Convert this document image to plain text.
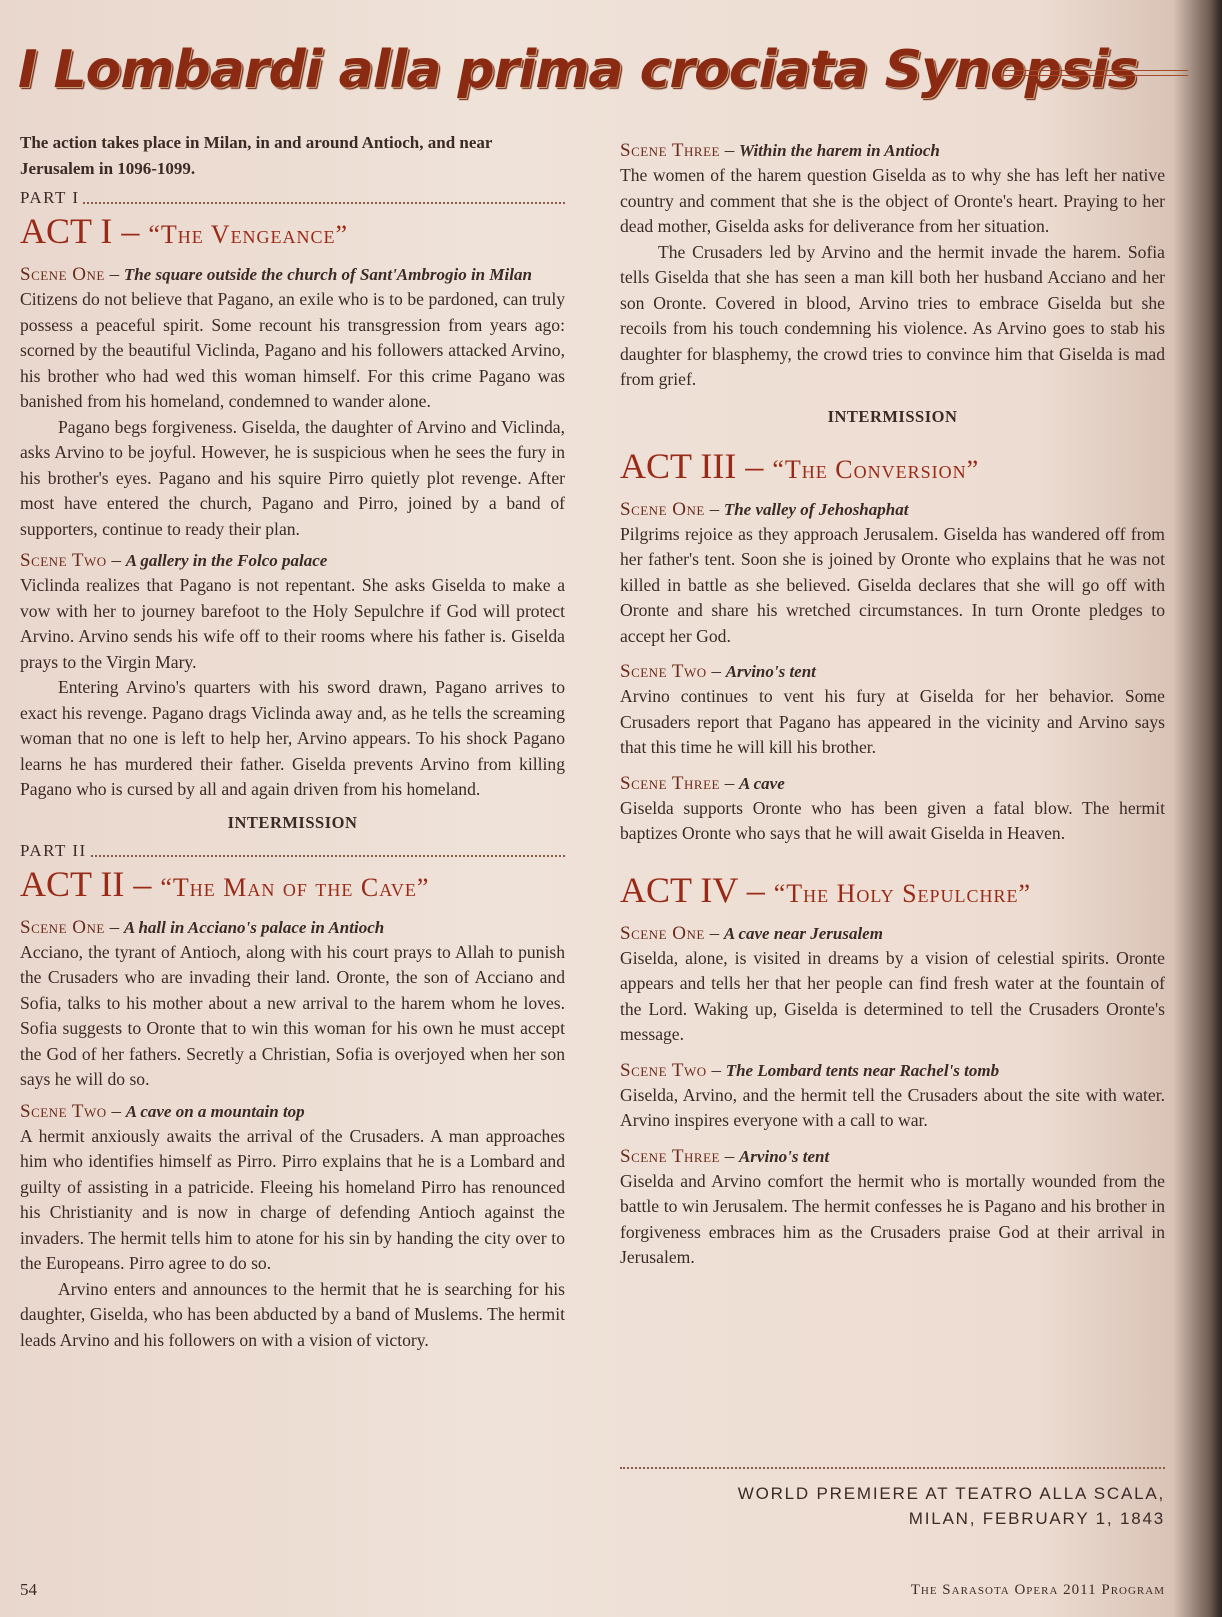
I Lombardi alla prima crociata Synopsis

The action takes place in Milan, in and around Antioch, and near Jerusalem in 1096-1099.

PART I
ACT I – “The Vengeance”
Scene One – The square outside the church of Sant'Ambrogio in Milan

Citizens do not believe that Pagano, an exile who is to be pardoned, can truly possess a peaceful spirit. Some recount his transgression from years ago: scorned by the beautiful Viclinda, Pagano and his followers attacked Arvino, his brother who had wed this woman himself. For this crime Pagano was banished from his homeland, condemned to wander alone.

Pagano begs forgiveness. Giselda, the daughter of Arvino and Viclinda, asks Arvino to be joyful. However, he is suspicious when he sees the fury in his brother's eyes. Pagano and his squire Pirro quietly plot revenge. After most have entered the church, Pagano and Pirro, joined by a band of supporters, continue to ready their plan.

Scene Two – A gallery in the Folco palace

Viclinda realizes that Pagano is not repentant. She asks Giselda to make a vow with her to journey barefoot to the Holy Sepulchre if God will protect Arvino. Arvino sends his wife off to their rooms where his father is. Giselda prays to the Virgin Mary.

Entering Arvino's quarters with his sword drawn, Pagano arrives to exact his revenge. Pagano drags Viclinda away and, as he tells the screaming woman that no one is left to help her, Arvino appears. To his shock Pagano learns he has murdered their father. Giselda prevents Arvino from killing Pagano who is cursed by all and again driven from his homeland.

INTERMISSION
PART II
ACT II – “The Man of the Cave”
Scene One – A hall in Acciano's palace in Antioch

Acciano, the tyrant of Antioch, along with his court prays to Allah to punish the Crusaders who are invading their land. Oronte, the son of Acciano and Sofia, talks to his mother about a new arrival to the harem whom he loves. Sofia suggests to Oronte that to win this woman for his own he must accept the God of her fathers. Secretly a Christian, Sofia is overjoyed when her son says he will do so.

Scene Two – A cave on a mountain top

A hermit anxiously awaits the arrival of the Crusaders. A man approaches him who identifies himself as Pirro. Pirro explains that he is a Lombard and guilty of assisting in a patricide. Fleeing his homeland Pirro has renounced his Christianity and is now in charge of defending Antioch against the invaders. The hermit tells him to atone for his sin by handing the city over to the Europeans. Pirro agree to do so.

Arvino enters and announces to the hermit that he is searching for his daughter, Giselda, who has been abducted by a band of Muslems. The hermit leads Arvino and his followers on with a vision of victory.

Scene Three – Within the harem in Antioch

The women of the harem question Giselda as to why she has left her native country and comment that she is the object of Oronte's heart. Praying to her dead mother, Giselda asks for deliverance from her situation.

The Crusaders led by Arvino and the hermit invade the harem. Sofia tells Giselda that she has seen a man kill both her husband Acciano and her son Oronte. Covered in blood, Arvino tries to embrace Giselda but she recoils from his touch condemning his violence. As Arvino goes to stab his daughter for blasphemy, the crowd tries to convince him that Giselda is mad from grief.

INTERMISSION
ACT III – “The Conversion”
Scene One – The valley of Jehoshaphat

Pilgrims rejoice as they approach Jerusalem. Giselda has wandered off from her father's tent. Soon she is joined by Oronte who explains that he was not killed in battle as she believed. Giselda declares that she will go off with Oronte and share his wretched circumstances. In turn Oronte pledges to accept her God.

Scene Two – Arvino's tent

Arvino continues to vent his fury at Giselda for her behavior. Some Crusaders report that Pagano has appeared in the vicinity and Arvino says that this time he will kill his brother.

Scene Three – A cave

Giselda supports Oronte who has been given a fatal blow. The hermit baptizes Oronte who says that he will await Giselda in Heaven.

ACT IV – “The Holy Sepulchre”
Scene One – A cave near Jerusalem

Giselda, alone, is visited in dreams by a vision of celestial spirits. Oronte appears and tells her that her people can find fresh water at the fountain of the Lord. Waking up, Giselda is determined to tell the Crusaders Oronte's message.

Scene Two – The Lombard tents near Rachel's tomb

Giselda, Arvino, and the hermit tell the Crusaders about the site with water. Arvino inspires everyone with a call to war.

Scene Three – Arvino's tent

Giselda and Arvino comfort the hermit who is mortally wounded from the battle to win Jerusalem. The hermit confesses he is Pagano and his brother in forgiveness embraces him as the Crusaders praise God at their arrival in Jerusalem.

WORLD PREMIERE AT TEATRO ALLA SCALA,
MILAN, FEBRUARY 1, 1843
54	The Sarasota Opera 2011 Program
